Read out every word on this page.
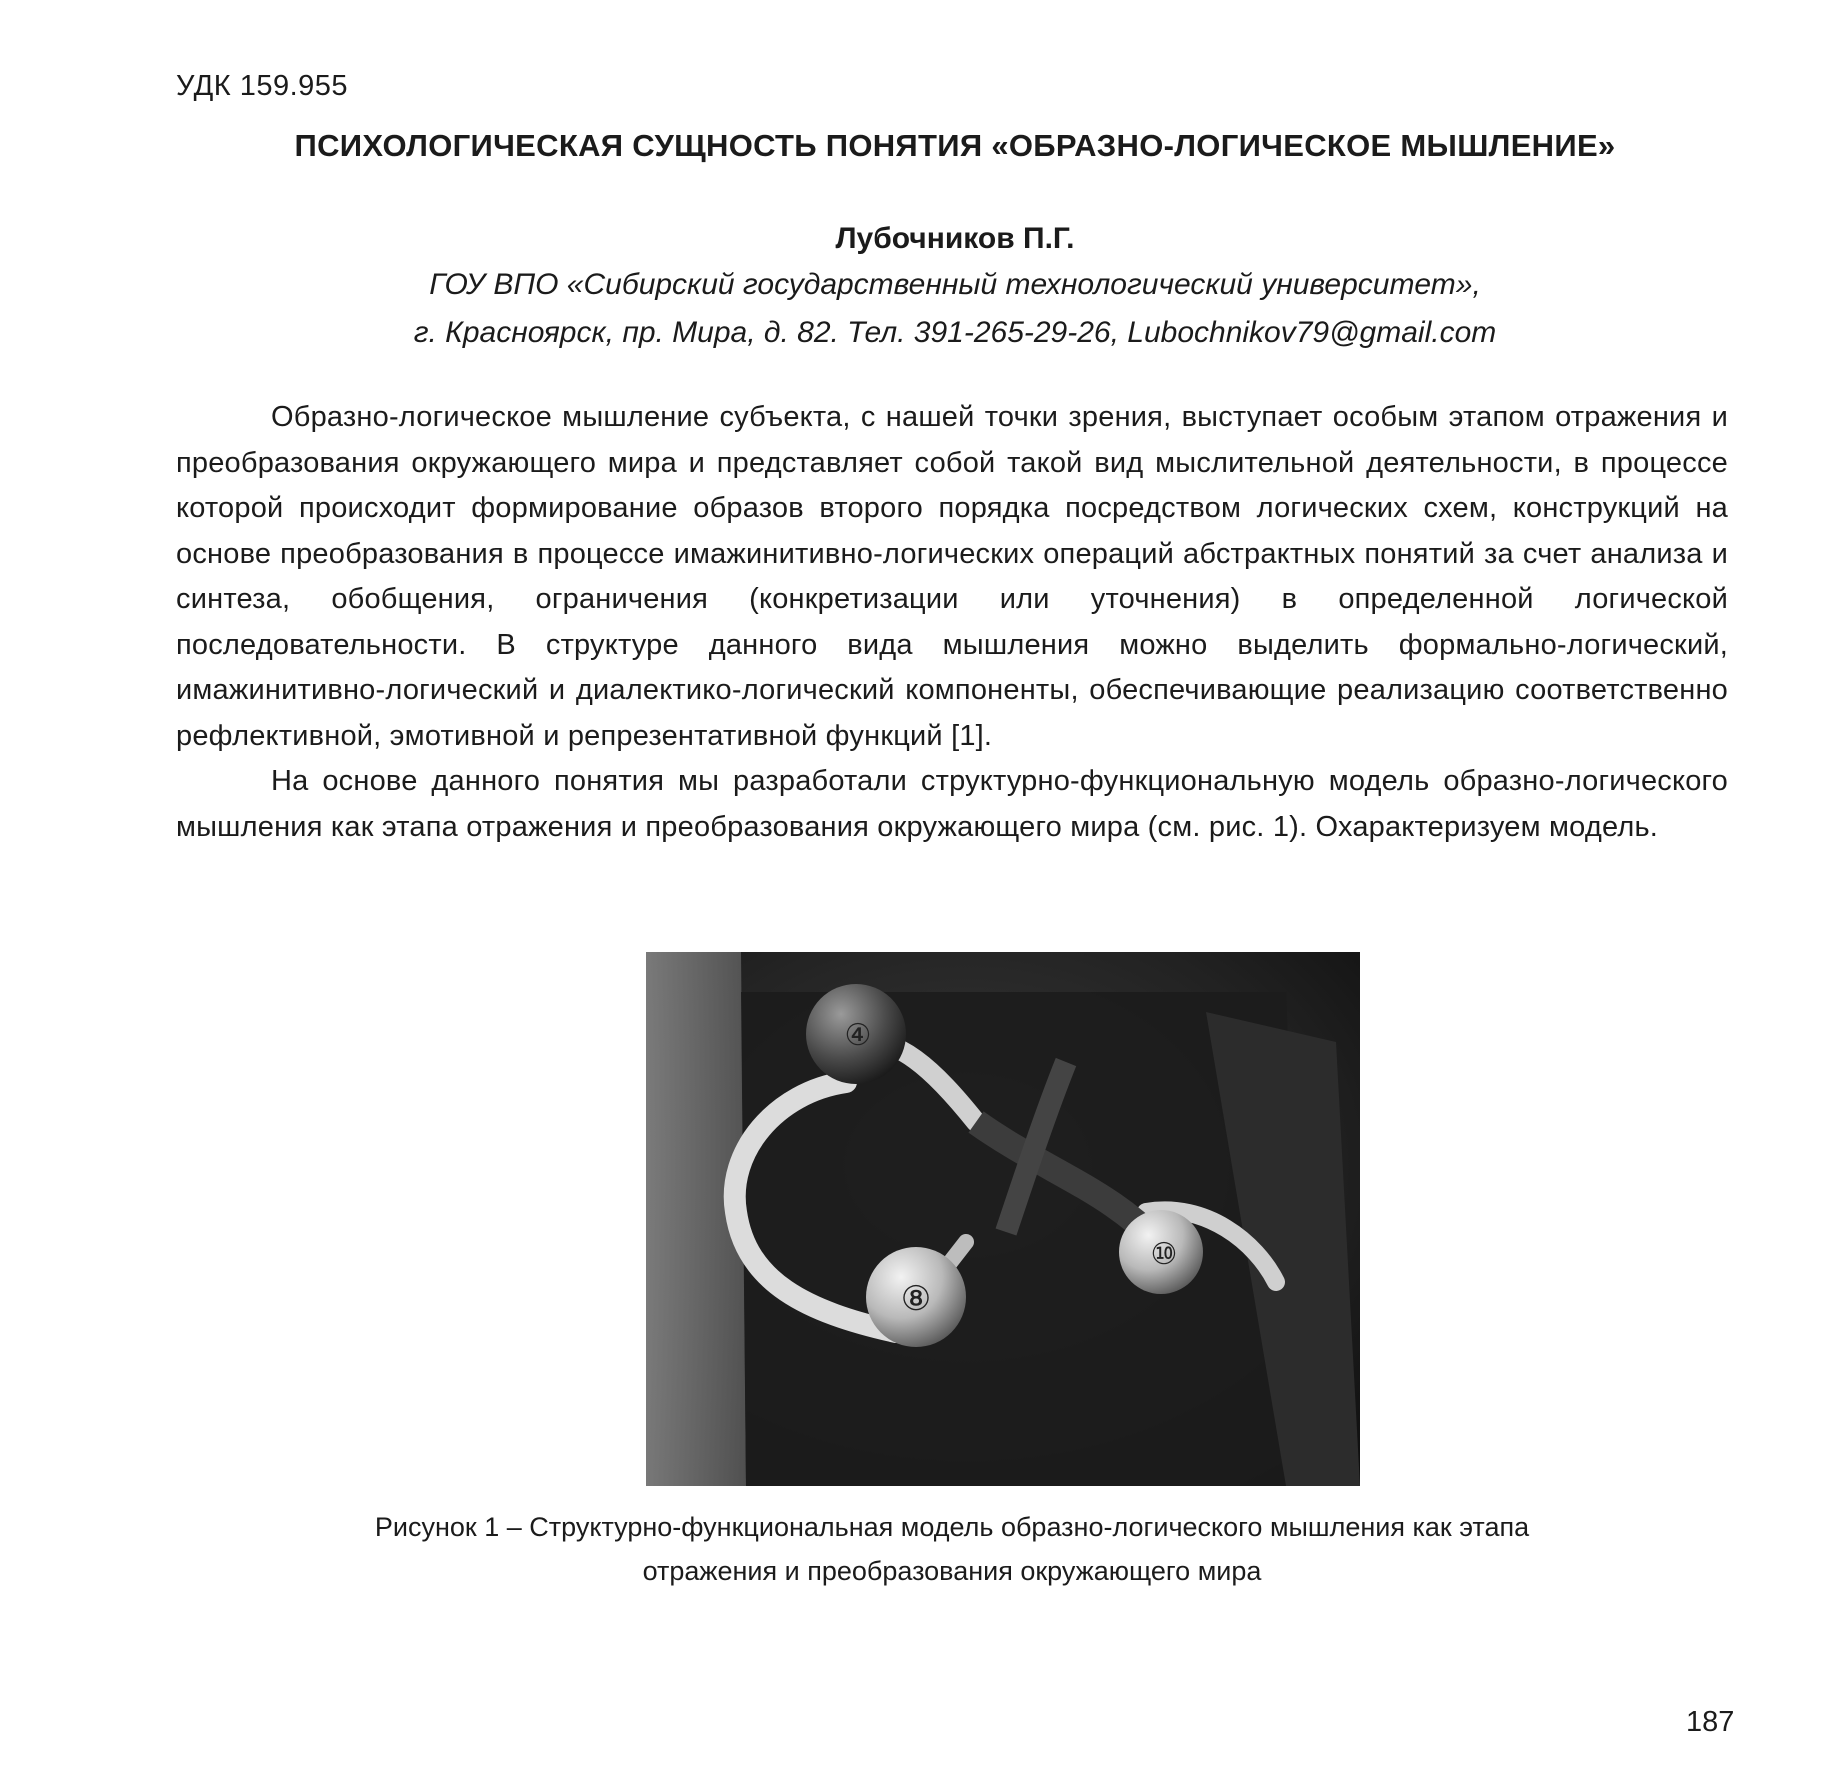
УДК 159.955
ПСИХОЛОГИЧЕСКАЯ СУЩНОСТЬ ПОНЯТИЯ «ОБРАЗНО-ЛОГИЧЕСКОЕ МЫШЛЕНИЕ»
Лубочников П.Г.
ГОУ ВПО «Сибирский государственный технологический университет»,
г. Красноярск, пр. Мира, д. 82. Тел. 391-265-29-26, Lubochnikov79@gmail.com

Образно-логическое мышление субъекта, с нашей точки зрения, выступает особым этапом отражения и преобразования окружающего мира и представляет собой такой вид мыслительной деятельности, в процессе которой происходит формирование образов второго порядка посредством логических схем, конструкций на основе преобразования в процессе имажинитивно-логических операций абстрактных понятий за счет анализа и синтеза, обобщения, ограничения (конкретизации или уточнения) в определенной логической последовательности. В структуре данного вида мышления можно выделить формально-логический, имажинитивно-логический и диалектико-логический компоненты, обеспечивающие реализацию соответственно рефлективной, эмотивной и репрезентативной функций [1].

На основе данного понятия мы разработали структурно-функциональную модель образно-логического мышления как этапа отражения и преобразования окружающего мира (см. рис. 1). Охарактеризуем модель.

④
⑧
⑩
Рисунок 1 – Структурно-функциональная модель образно-логического мышления как этапа
отражения и преобразования окружающего мира
187
